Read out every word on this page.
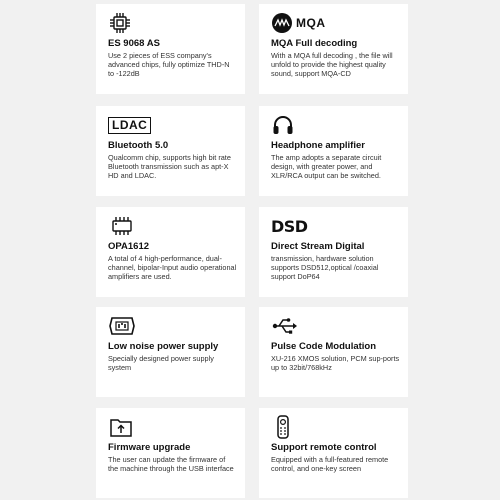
ES 9068 AS
Use 2 pieces of ESS company's advanced chips, fully optimize THD-N to -122dB
MQA
MQA Full decoding
With a MQA full decoding , the file will unfold to provide the highest quality sound, support MQA-CD
LDAC
Bluetooth 5.0
Qualcomm chip, supports high bit rate Bluetooth transmission such as apt-X HD and LDAC.
Headphone amplifier
The amp adopts a separate circuit design, with greater power, and XLR/RCA output can be switched.
OPA1612
A total of 4 high-performance, dual-channel, bipolar-Input audio operational amplifiers are used.
DSD
Direct Stream Digital
transmission, hardware solution supports DSD512,optical /coaxial support DoP64
Low noise power supply
Specially designed power supply system
Pulse Code Modulation
XU-216 XMOS solution, PCM sup-ports up to 32bit/768kHz
Firmware upgrade
The user can update the firmware of the machine through the USB interface
Support remote control
Equipped with a full-featured remote control, and one-key screen
